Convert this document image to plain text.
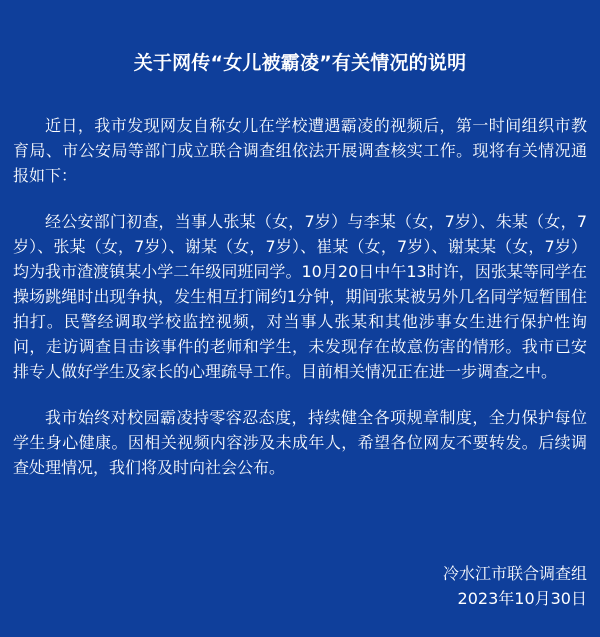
关于网传“女儿被霸凌”有关情况的说明

近日，我市发现网友自称女儿在学校遭遇霸凌的视频后，第一时间组织市教育局、市公安局等部门成立联合调查组依法开展调查核实工作。现将有关情况通报如下：

经公安部门初查，当事人张某（女，7岁）与李某（女，7岁）、朱某（女，7岁）、张某（女，7岁）、谢某（女，7岁）、崔某（女，7岁）、谢某某（女，7岁）均为我市渣渡镇某小学二年级同班同学。10月20日中午13时许，因张某等同学在操场跳绳时出现争执，发生相互打闹约1分钟，期间张某被另外几名同学短暂围住拍打。民警经调取学校监控视频，对当事人张某和其他涉事女生进行保护性询问，走访调查目击该事件的老师和学生，未发现存在故意伤害的情形。我市已安排专人做好学生及家长的心理疏导工作。目前相关情况正在进一步调查之中。

我市始终对校园霸凌持零容忍态度，持续健全各项规章制度，全力保护每位学生身心健康。因相关视频内容涉及未成年人，希望各位网友不要转发。后续调查处理情况，我们将及时向社会公布。

冷水江市联合调查组
2023年10月30日
